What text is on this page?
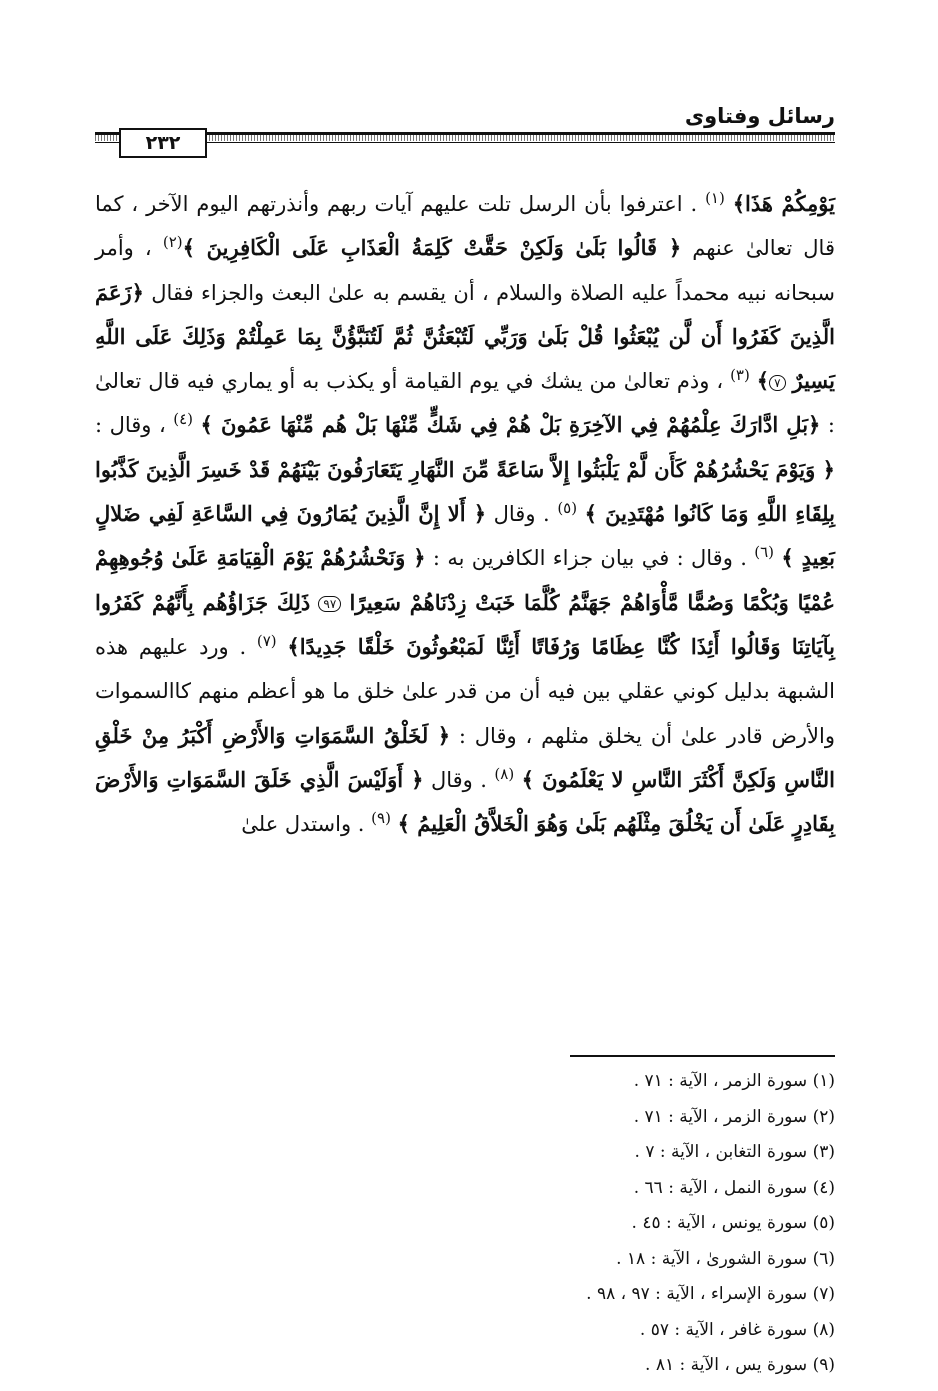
رسائل وفتاوى
٢٣٢
يَوْمِكُمْ هَذَا﴾ $^{(١)}$ . اعترفوا بأن الرسل تلت عليهم آيات ربهم وأنذرتهم اليوم الآخر ، كما قال تعالىٰ عنهم ﴿ قَالُوا بَلَىٰ وَلَكِنْ حَقَّتْ كَلِمَةُ الْعَذَابِ عَلَى الْكَافِرِينَ ﴾$^{(٢)}$ ، وأمر سبحانه نبيه محمداً عليه الصلاة والسلام ، أن يقسم به علىٰ البعث والجزاء فقال ﴿زَعَمَ الَّذِينَ كَفَرُوا أَن لَّن يُبْعَثُوا قُلْ بَلَىٰ وَرَبِّي لَتُبْعَثُنَّ ثُمَّ لَتُنَبَّؤُنَّ بِمَا عَمِلْتُمْ وَذَلِكَ عَلَى اللَّهِ يَسِيرٌ ٧﴾ $^{(٣)}$ ، وذم تعالىٰ من يشك في يوم القيامة أو يكذب به أو يماري فيه قال تعالىٰ : ﴿بَلِ ادَّارَكَ عِلْمُهُمْ فِي الآخِرَةِ بَلْ هُمْ فِي شَكٍّ مِّنْهَا بَلْ هُم مِّنْهَا عَمُونَ ﴾ $^{(٤)}$ ، وقال : ﴿ وَيَوْمَ يَحْشُرُهُمْ كَأَن لَّمْ يَلْبَثُوا إِلاَّ سَاعَةً مِّنَ النَّهَارِ يَتَعَارَفُونَ بَيْنَهُمْ قَدْ خَسِرَ الَّذِينَ كَذَّبُوا بِلِقَاءِ اللَّهِ وَمَا كَانُوا مُهْتَدِينَ ﴾ $^{(٥)}$ . وقال ﴿ أَلا إِنَّ الَّذِينَ يُمَارُونَ فِي السَّاعَةِ لَفِي ضَلالٍ بَعِيدٍ ﴾ $^{(٦)}$ . وقال : في بيان جزاء الكافرين به : ﴿ وَنَحْشُرُهُمْ يَوْمَ الْقِيَامَةِ عَلَىٰ وُجُوهِهِمْ عُمْيًا وَبُكْمًا وَصُمًّا مَّأْوَاهُمْ جَهَنَّمُ كُلَّمَا خَبَتْ زِدْنَاهُمْ سَعِيرًا ٩٧ ذَلِكَ جَزَاؤُهُم بِأَنَّهُمْ كَفَرُوا بِآيَاتِنَا وَقَالُوا أَئِذَا كُنَّا عِظَامًا وَرُفَاتًا أَئِنَّا لَمَبْعُوثُونَ خَلْقًا جَدِيدًا﴾ $^{(٧)}$ . ورد عليهم هذه الشبهة بدليل كوني عقلي بين فيه أن من قدر علىٰ خلق ما هو أعظم منهم كاالسموات والأرض قادر علىٰ أن يخلق مثلهم ، وقال : ﴿ لَخَلْقُ السَّمَوَاتِ وَالأَرْضِ أَكْبَرُ مِنْ خَلْقِ النَّاسِ وَلَكِنَّ أَكْثَرَ النَّاسِ لا يَعْلَمُونَ ﴾ $^{(٨)}$ . وقال ﴿ أَوَلَيْسَ الَّذِي خَلَقَ السَّمَوَاتِ وَالأَرْضَ بِقَادِرٍ عَلَىٰ أَن يَخْلُقَ مِثْلَهُم بَلَىٰ وَهُوَ الْخَلاَّقُ الْعَلِيمُ ﴾ $^{(٩)}$ . واستدل علىٰ
(١) سورة الزمر ، الآية : ٧١ .
(٢) سورة الزمر ، الآية : ٧١ .
(٣) سورة التغابن ، الآية : ٧ .
(٤) سورة النمل ، الآية : ٦٦ .
(٥) سورة يونس ، الآية : ٤٥ .
(٦) سورة الشورىٰ ، الآية : ١٨ .
(٧) سورة الإسراء ، الآية : ٩٧ ، ٩٨ .
(٨) سورة غافر ، الآية : ٥٧ .
(٩) سورة يس ، الآية : ٨١ .
